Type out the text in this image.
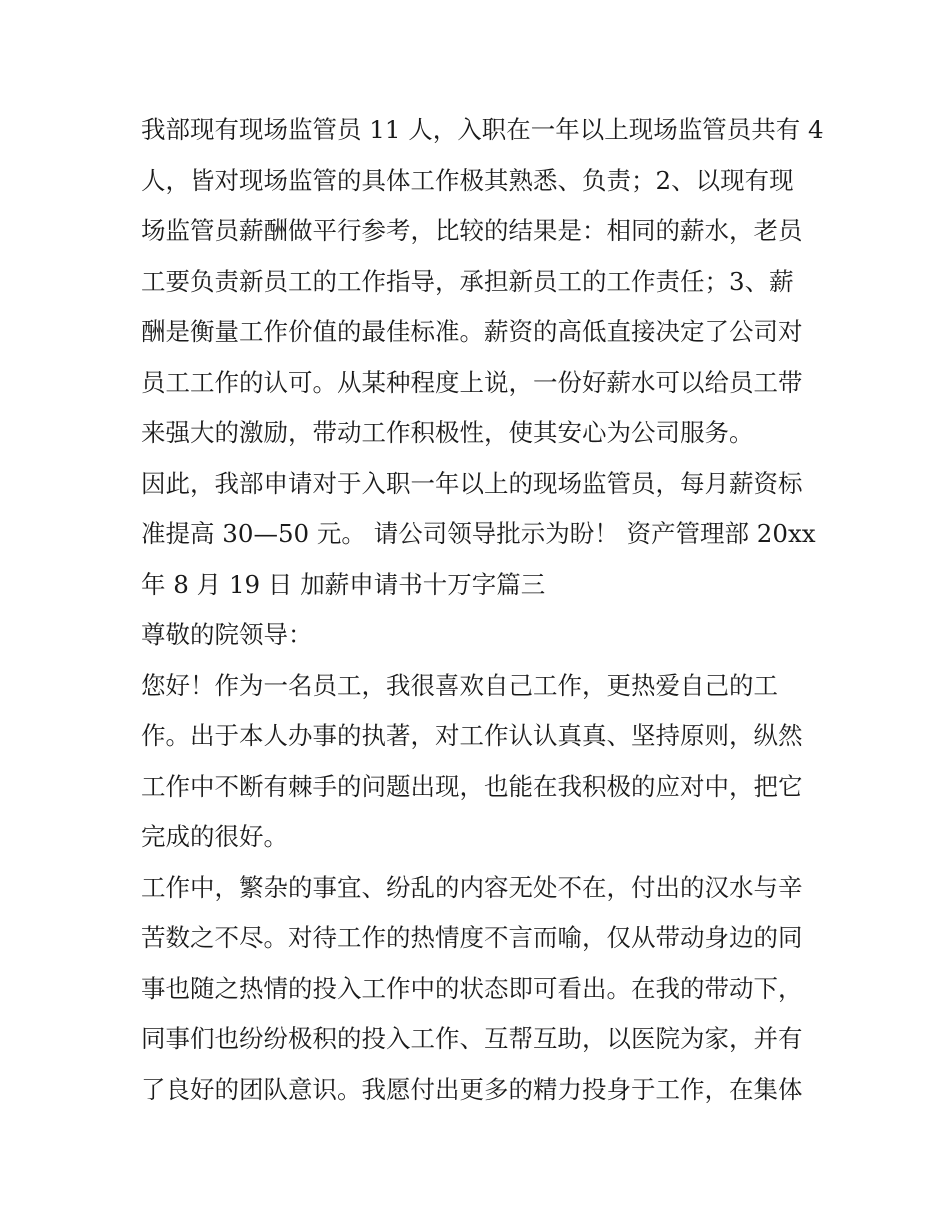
我部现有现场监管员 11 人，入职在一年以上现场监管员共有 4
人，皆对现场监管的具体工作极其熟悉、负责；2、以现有现
场监管员薪酬做平行参考，比较的结果是：相同的薪水，老员
工要负责新员工的工作指导，承担新员工的工作责任；3、薪
酬是衡量工作价值的最佳标准。薪资的高低直接决定了公司对
员工工作的认可。从某种程度上说，一份好薪水可以给员工带
来强大的激励，带动工作积极性，使其安心为公司服务。

因此，我部申请对于入职一年以上的现场监管员，每月薪资标
准提高 30—50 元。 请公司领导批示为盼！ 资产管理部 20xx
年 8 月 19 日 加薪申请书十万字篇三

尊敬的院领导：

您好！作为一名员工，我很喜欢自己工作，更热爱自己的工
作。出于本人办事的执著，对工作认认真真、坚持原则，纵然
工作中不断有棘手的问题出现，也能在我积极的应对中，把它
完成的很好。

工作中，繁杂的事宜、纷乱的内容无处不在，付出的汉水与辛
苦数之不尽。对待工作的热情度不言而喻，仅从带动身边的同
事也随之热情的投入工作中的状态即可看出。在我的带动下，
同事们也纷纷极积的投入工作、互帮互助，以医院为家，并有
了良好的团队意识。我愿付出更多的精力投身于工作，在集体
